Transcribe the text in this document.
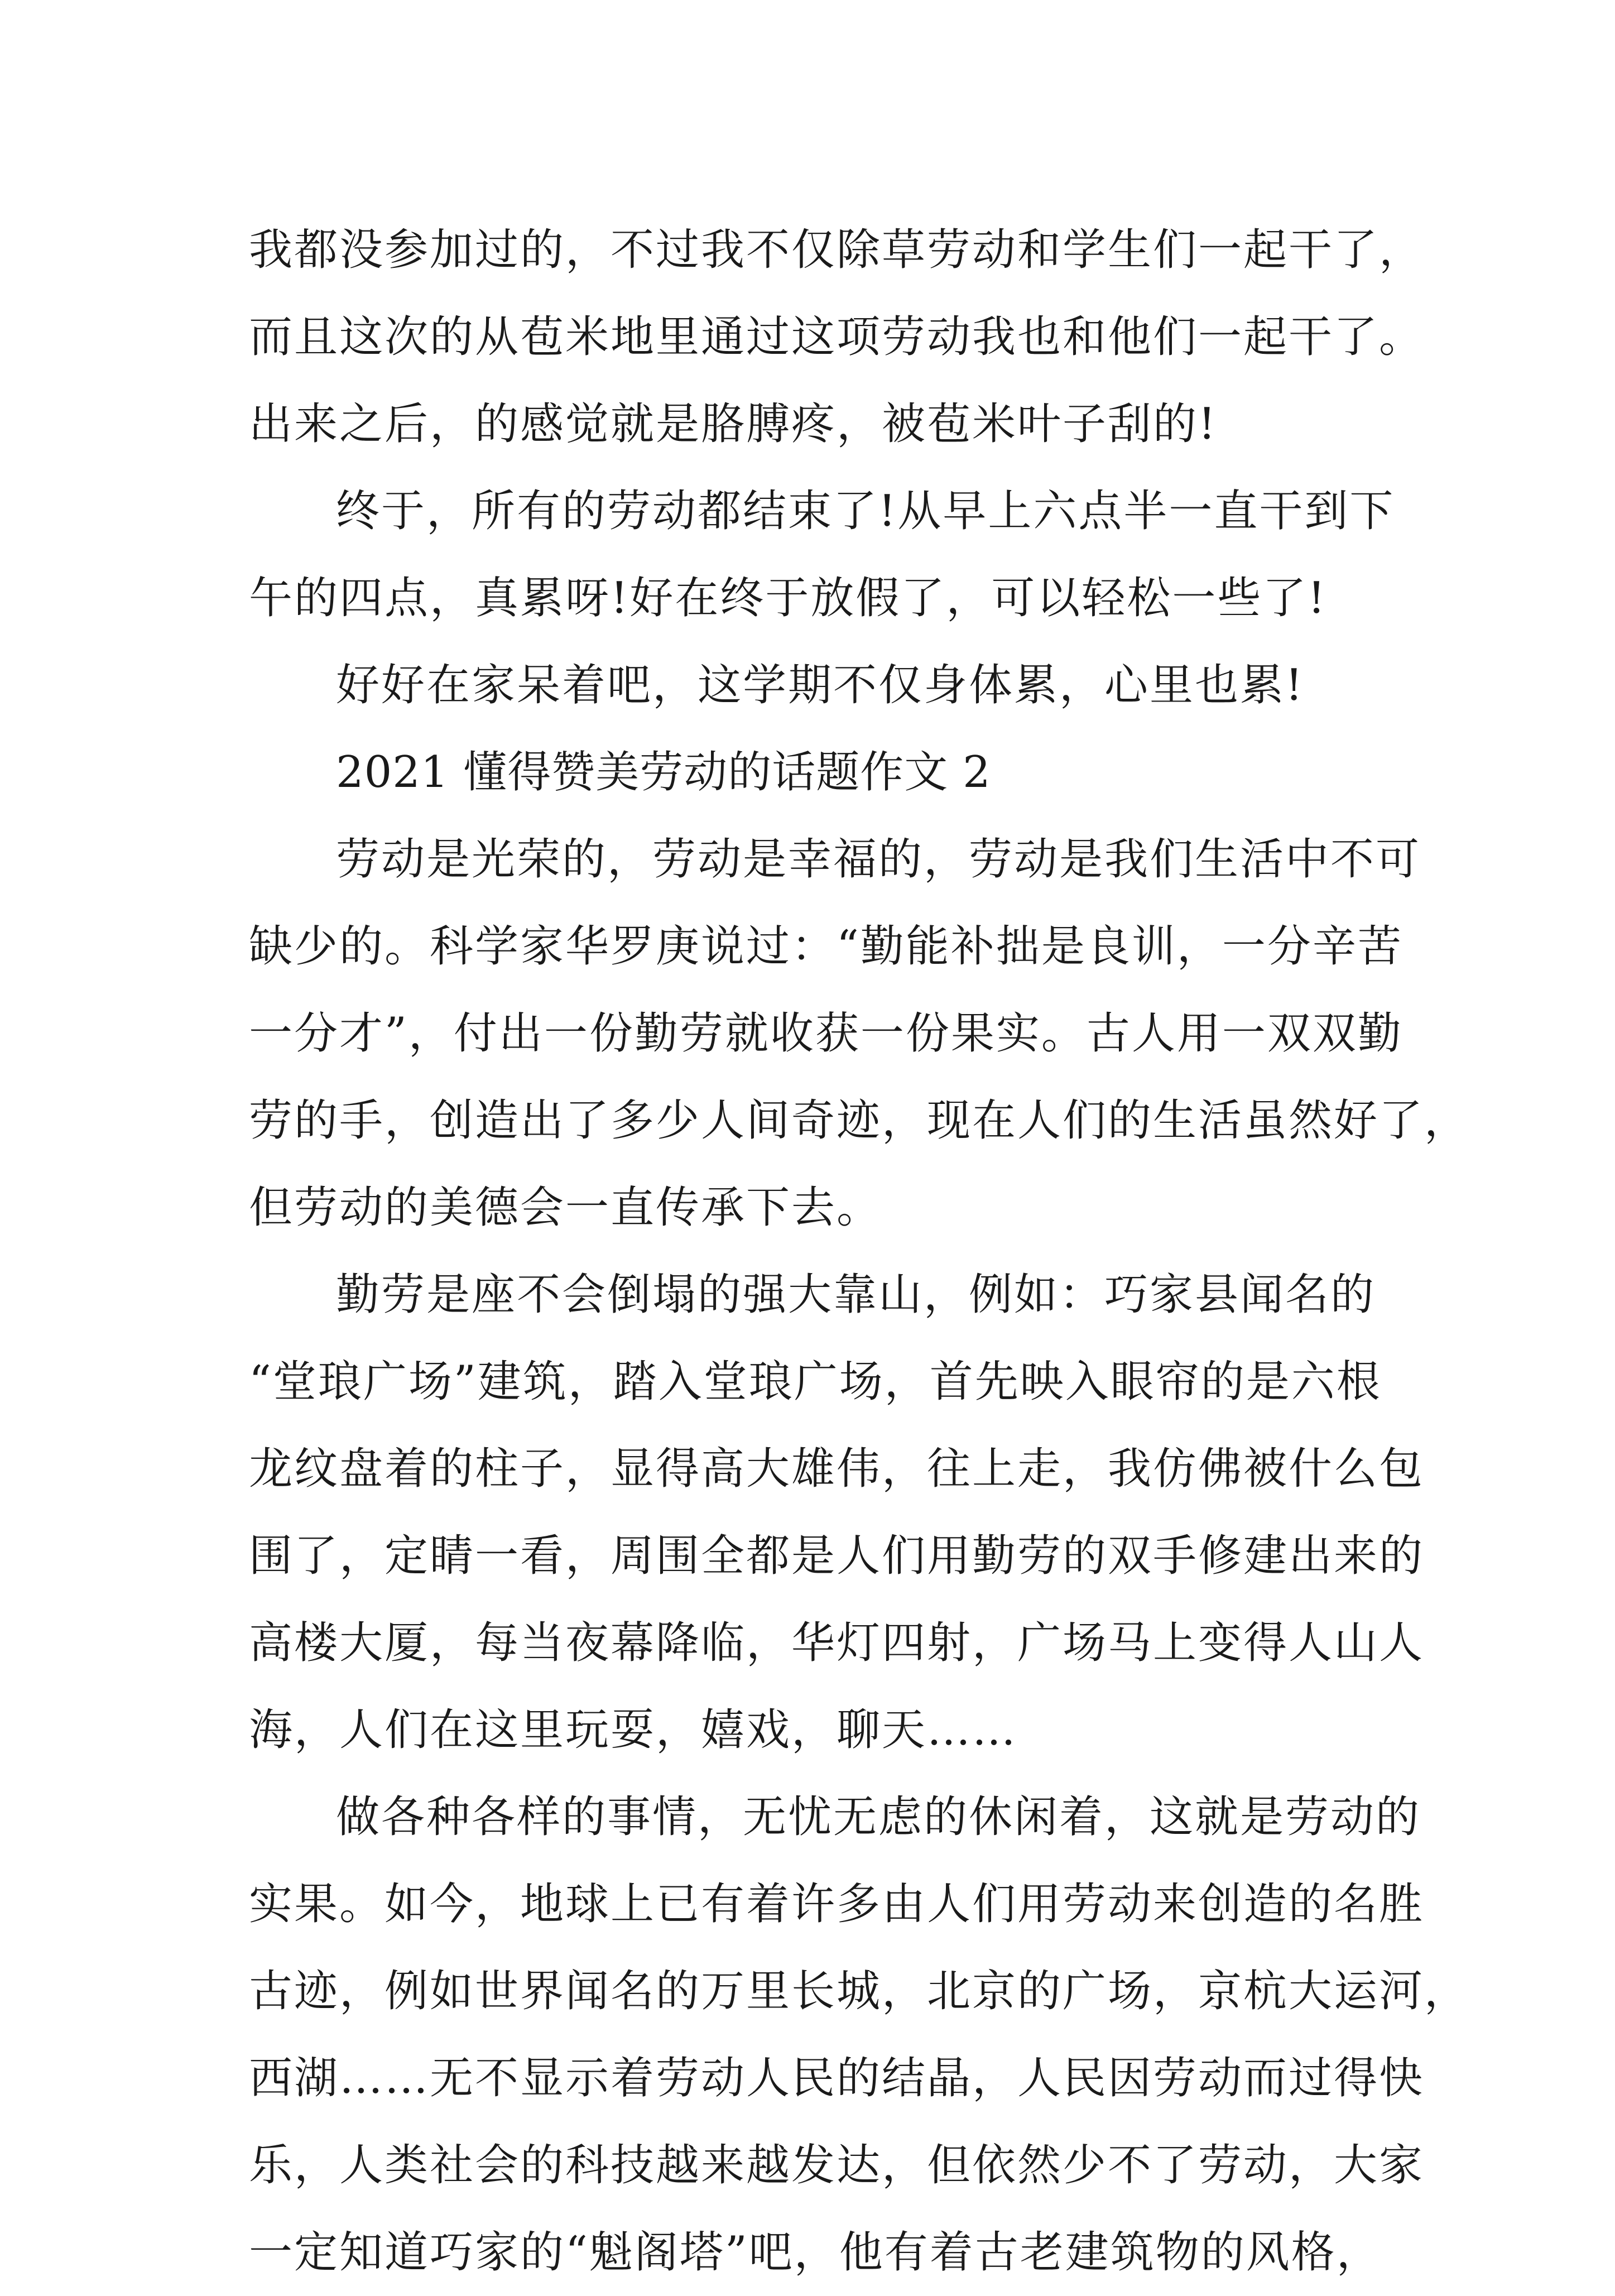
我都没参加过的，不过我不仅除草劳动和学生们一起干了，
而且这次的从苞米地里通过这项劳动我也和他们一起干了。
出来之后，的感觉就是胳膊疼，被苞米叶子刮的!
终于，所有的劳动都结束了!从早上六点半一直干到下
午的四点，真累呀!好在终于放假了，可以轻松一些了!
好好在家呆着吧，这学期不仅身体累，心里也累!
2021 懂得赞美劳动的话题作文 2
劳动是光荣的，劳动是幸福的，劳动是我们生活中不可
缺少的。科学家华罗庚说过：“勤能补拙是良训，一分辛苦
一分才”，付出一份勤劳就收获一份果实。古人用一双双勤
劳的手，创造出了多少人间奇迹，现在人们的生活虽然好了，
但劳动的美德会一直传承下去。
勤劳是座不会倒塌的强大靠山，例如：巧家县闻名的
“堂琅广场”建筑，踏入堂琅广场，首先映入眼帘的是六根
龙纹盘着的柱子，显得高大雄伟，往上走，我仿佛被什么包
围了，定睛一看，周围全都是人们用勤劳的双手修建出来的
高楼大厦，每当夜幕降临，华灯四射，广场马上变得人山人
海，人们在这里玩耍，嬉戏，聊天……
做各种各样的事情，无忧无虑的休闲着，这就是劳动的
实果。如今，地球上已有着许多由人们用劳动来创造的名胜
古迹，例如世界闻名的万里长城，北京的广场，京杭大运河，
西湖……无不显示着劳动人民的结晶，人民因劳动而过得快
乐，人类社会的科技越来越发达，但依然少不了劳动，大家
一定知道巧家的“魁阁塔”吧，他有着古老建筑物的风格，
